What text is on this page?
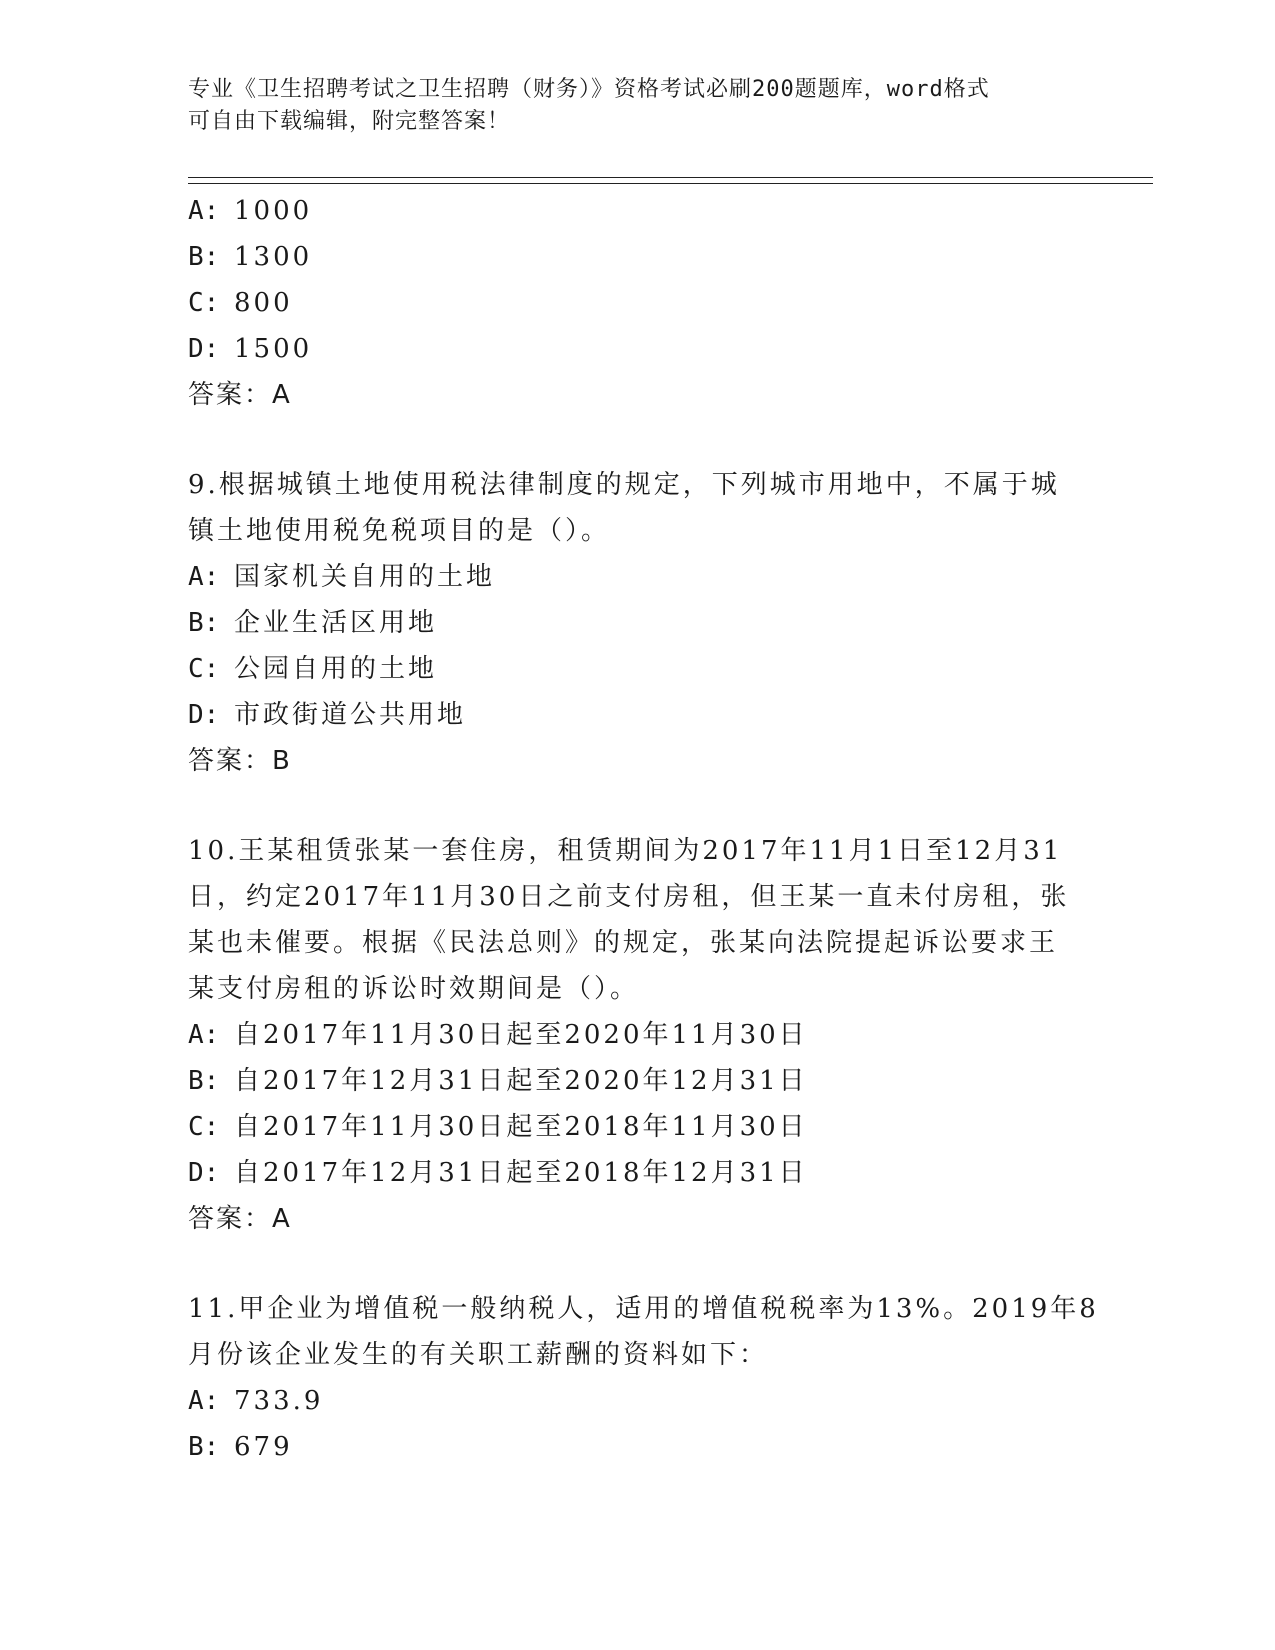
专业《卫生招聘考试之卫生招聘（财务）》资格考试必刷200题题库，word格式
可自由下载编辑，附完整答案！
A: 1000
B: 1300
C: 800
D: 1500
答案：A
9.根据城镇土地使用税法律制度的规定，下列城市用地中，不属于城
镇土地使用税免税项目的是（）。
A: 国家机关自用的土地
B: 企业生活区用地
C: 公园自用的土地
D: 市政街道公共用地
答案：B
10.王某租赁张某一套住房，租赁期间为2017年11月1日至12月31
日，约定2017年11月30日之前支付房租，但王某一直未付房租，张
某也未催要。根据《民法总则》的规定，张某向法院提起诉讼要求王
某支付房租的诉讼时效期间是（）。
A: 自2017年11月30日起至2020年11月30日
B: 自2017年12月31日起至2020年12月31日
C: 自2017年11月30日起至2018年11月30日
D: 自2017年12月31日起至2018年12月31日
答案：A
11.甲企业为增值税一般纳税人，适用的增值税税率为13%。2019年8
月份该企业发生的有关职工薪酬的资料如下：
A: 733.9
B: 679
